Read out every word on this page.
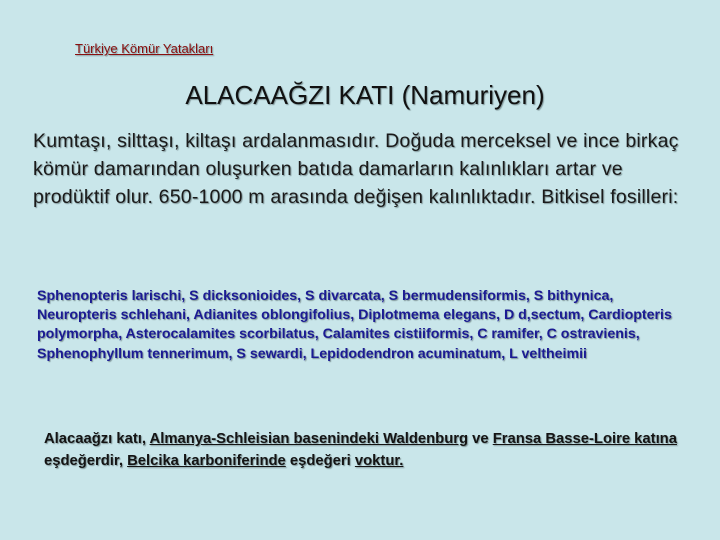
Türkiye Kömür Yatakları
ALACAAĞZI KATI (Namuriyen)

Kumtaşı, silttaşı, kiltaşı ardalanmasıdır. Doğuda merceksel ve ince birkaç kömür damarından oluşurken batıda damarların kalınlıkları artar ve prodüktif olur. 650-1000 m arasında değişen kalınlıktadır. Bitkisel fosilleri:

Sphenopteris larischi, S dicksonioides, S divarcata, S bermudensiformis, S bithynica, Neuropteris schlehani, Adianites oblongifolius, Diplotmema elegans, D d,sectum, Cardiopteris polymorpha, Asterocalamites scorbilatus, Calamites cistiiformis, C ramifer, C ostravienis, Sphenophyllum tennerimum, S sewardi, Lepidodendron acuminatum, L veltheimii

Alacaağzı katı, Almanya-Schleisian basenindeki Waldenburg ve Fransa Basse-Loire katına eşdeğerdir, Belcika karboniferinde eşdeğeri voktur.
